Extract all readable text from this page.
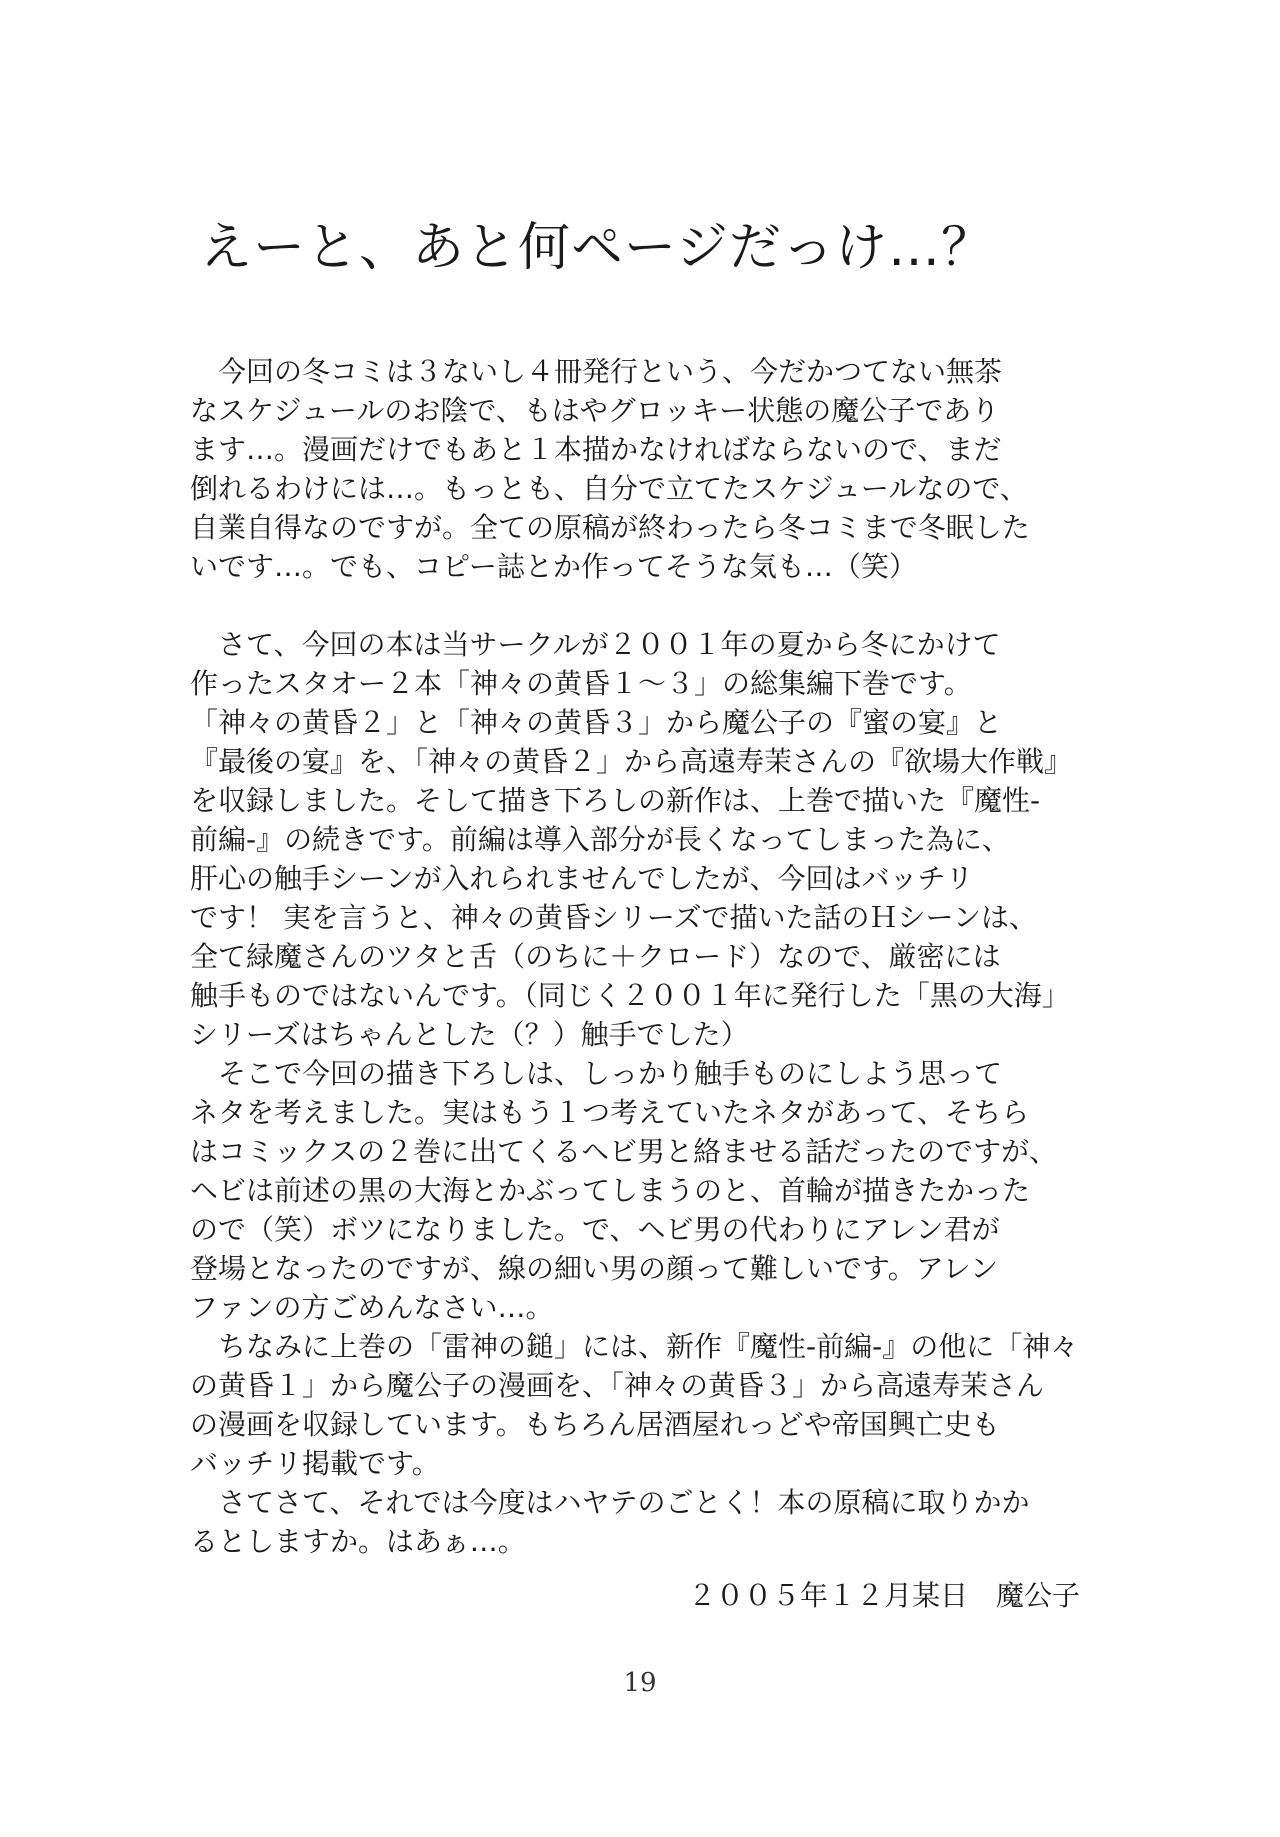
えーと、あと何ページだっけ…？
　今回の冬コミは３ないし４冊発行という、今だかつてない無茶
なスケジュールのお陰で、もはやグロッキー状態の魔公子であり
ます…。漫画だけでもあと１本描かなければならないので、まだ
倒れるわけには…。もっとも、自分で立てたスケジュールなので、
自業自得なのですが。全ての原稿が終わったら冬コミまで冬眠した
いです…。でも、コピー誌とか作ってそうな気も…（笑）
　さて、今回の本は当サークルが２００１年の夏から冬にかけて
作ったスタオー２本「神々の黄昏１～３」の総集編下巻です。
「神々の黄昏２」と「神々の黄昏３」から魔公子の『蜜の宴』と
『最後の宴』を、「神々の黄昏２」から高遠寿茉さんの『欲場大作戦』
を収録しました。そして描き下ろしの新作は、上巻で描いた『魔性-
前編-』の続きです。前編は導入部分が長くなってしまった為に、
肝心の触手シーンが入れられませんでしたが、今回はバッチリ
です！ 実を言うと、神々の黄昏シリーズで描いた話のＨシーンは、
全て緑魔さんのツタと舌（のちに＋クロード）なので、厳密には
触手ものではないんです。（同じく２００１年に発行した「黒の大海」
シリーズはちゃんとした（？）触手でした）
　そこで今回の描き下ろしは、しっかり触手ものにしよう思って
ネタを考えました。実はもう１つ考えていたネタがあって、そちら
はコミックスの２巻に出てくるヘビ男と絡ませる話だったのですが、
ヘビは前述の黒の大海とかぶってしまうのと、首輪が描きたかった
ので（笑）ボツになりました。で、ヘビ男の代わりにアレン君が
登場となったのですが、線の細い男の顔って難しいです。アレン
ファンの方ごめんなさい…。
　ちなみに上巻の「雷神の鎚」には、新作『魔性-前編-』の他に「神々
の黄昏１」から魔公子の漫画を、「神々の黄昏３」から高遠寿茉さん
の漫画を収録しています。もちろん居酒屋れっどや帝国興亡史も
バッチリ掲載です。
　さてさて、それでは今度はハヤテのごとく！本の原稿に取りかか
るとしますか。はあぁ…。
２００５年１２月某日　魔公子
19
